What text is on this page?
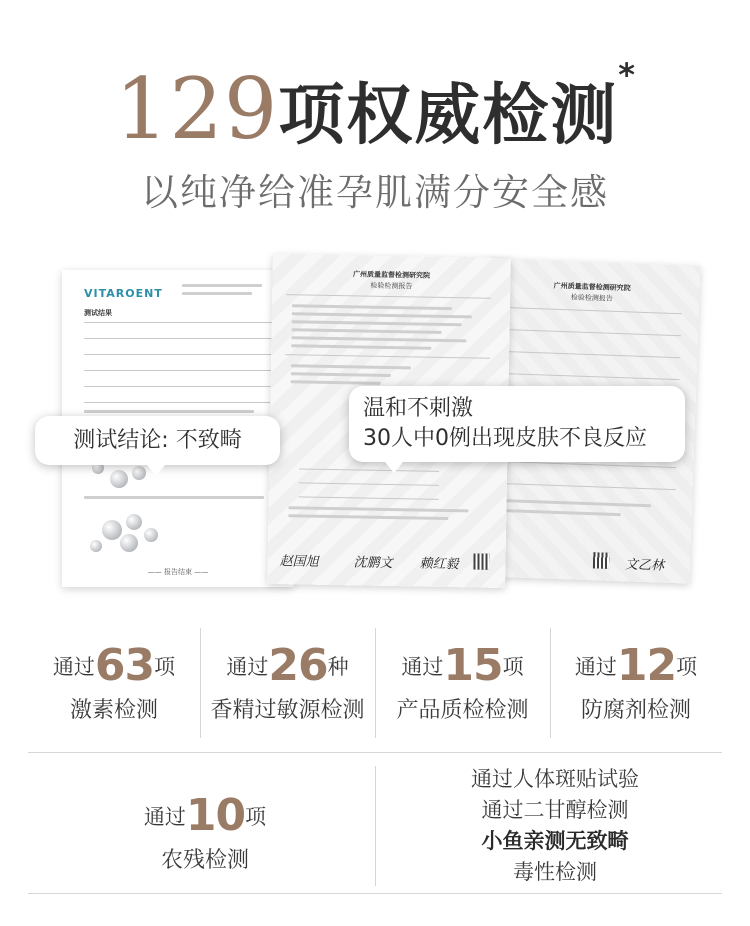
129项权威检测*
以纯净给准孕肌满分安全感
广州质量监督检测研究院
检验检测报告
文乙林
VITAROENT
测试结果
—— 报告结束 ——
广州质量监督检测研究院
检验检测报告
赵国旭	沈鹏文 赖红毅
测试结论: 不致畸
温和不刺激
30人中0例出现皮肤不良反应
通过63项
激素检测
通过26种
香精过敏源检测
通过15项
产品质检检测
通过12项
防腐剂检测
通过10项
农残检测
通过人体斑贴试验
通过二甘醇检测
小鱼亲测无致畸
毒性检测
